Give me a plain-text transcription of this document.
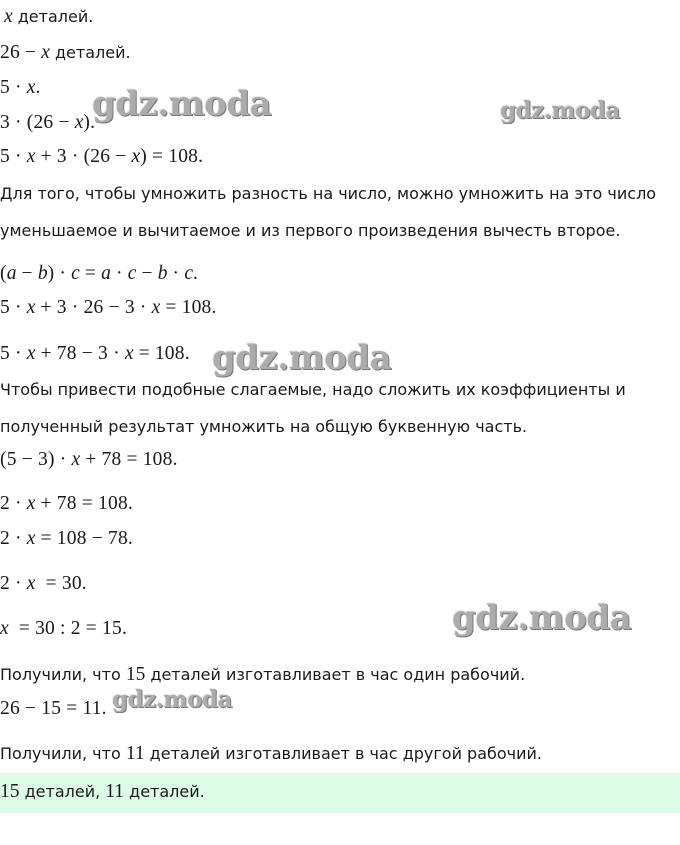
gdz.moda	gdz.moda
gdz.moda
gdz.moda
gdz.moda
x деталей.
26 − x деталей.
5 · x.
3 · (26 − x).
5 · x + 3 · (26 − x) = 108.
Для того, чтобы умножить разность на число, можно умножить на это число
уменьшаемое и вычитаемое и из первого произведения вычесть второе.
(a − b) · c = a · c − b · c.
5 · x + 3 · 26 − 3 · x = 108.
5 · x + 78 − 3 · x = 108.
Чтобы привести подобные слагаемые, надо сложить их коэффициенты и
полученный результат умножить на общую буквенную часть.
(5 − 3) · x + 78 = 108.
2 · x + 78 = 108.
2 · x = 108 − 78.
2 · x  = 30.
x  = 30 : 2 = 15.
Получили, что 15 деталей изготавливает в час один рабочий.
26 − 15 = 11.
Получили, что 11 деталей изготавливает в час другой рабочий.
15 деталей, 11 деталей.
